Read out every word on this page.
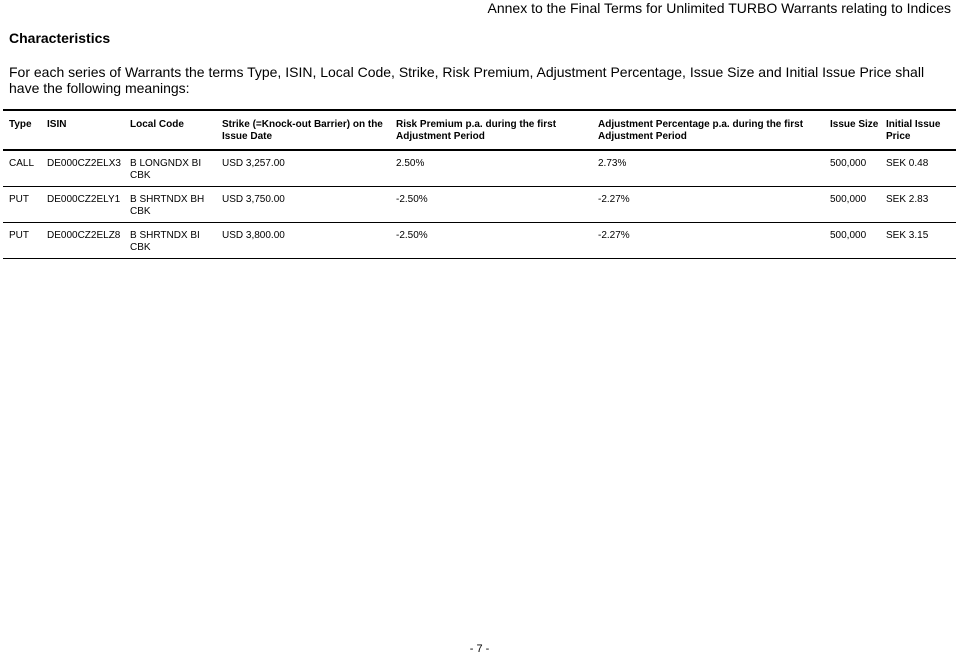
Annex to the Final Terms for Unlimited TURBO Warrants relating to Indices
Characteristics
For each series of Warrants the terms Type, ISIN, Local Code, Strike, Risk Premium, Adjustment Percentage, Issue Size and Initial Issue Price shall have the following meanings:
Type	ISIN	Local Code	Strike (=Knock-out Barrier) on the Issue Date	Risk Premium p.a. during the first Adjustment Period	Adjustment Percentage p.a. during the first Adjustment Period	Issue Size	Initial Issue Price
CALL	DE000CZ2ELX3	B LONGNDX BI CBK	USD 3,257.00	2.50%	2.73%	500,000	SEK 0.48
PUT	DE000CZ2ELY1	B SHRTNDX BH CBK	USD 3,750.00	-2.50%	-2.27%	500,000	SEK 2.83
PUT	DE000CZ2ELZ8	B SHRTNDX BI CBK	USD 3,800.00	-2.50%	-2.27%	500,000	SEK 3.15
- 7 -
